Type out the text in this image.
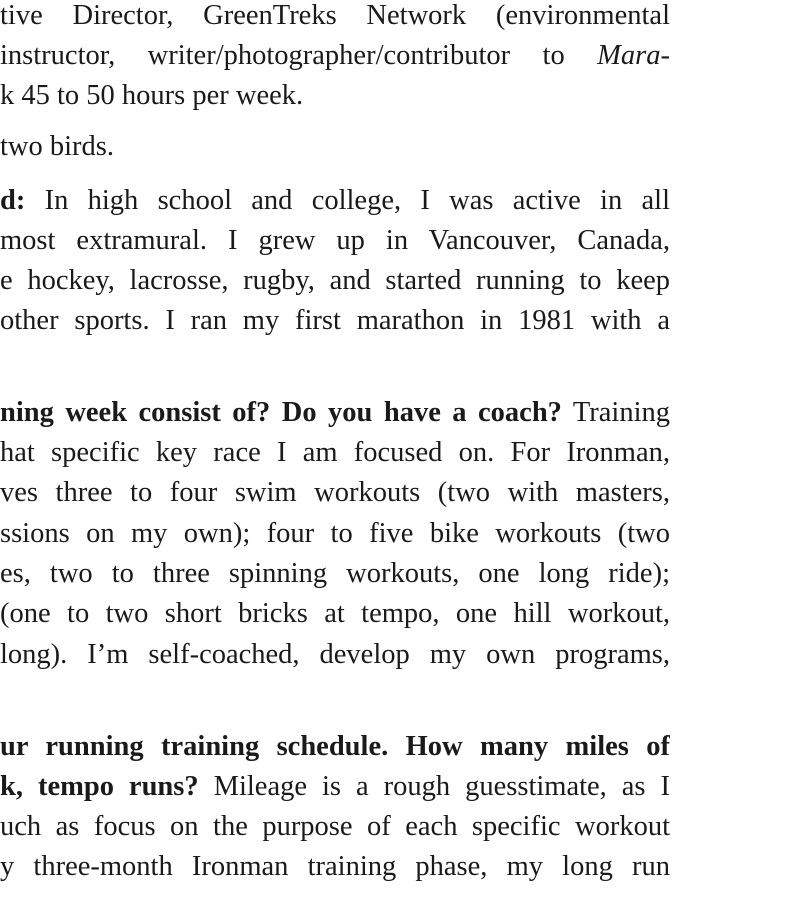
tive Director, GreenTreks Network (environmental
instructor, writer/photographer/contributor to Mara-
k 45 to 50 hours per week.
two birds.
d: In high school and college, I was active in all
most extramural. I grew up in Vancouver, Canada,
e hockey, lacrosse, rugby, and started running to keep
other sports. I ran my first marathon in 1981 with a
ning week consist of? Do you have a coach? Training
hat specific key race I am focused on. For Ironman,
ves three to four swim workouts (two with masters,
ssions on my own); four to five bike workouts (two
es, two to three spinning workouts, one long ride);
(one to two short bricks at tempo, one hill workout,
long). I’m self-coached, develop my own programs,
ur running training schedule. How many miles of
k, tempo runs? Mileage is a rough guesstimate, as I
uch as focus on the purpose of each specific workout
y three-month Ironman training phase, my long run
